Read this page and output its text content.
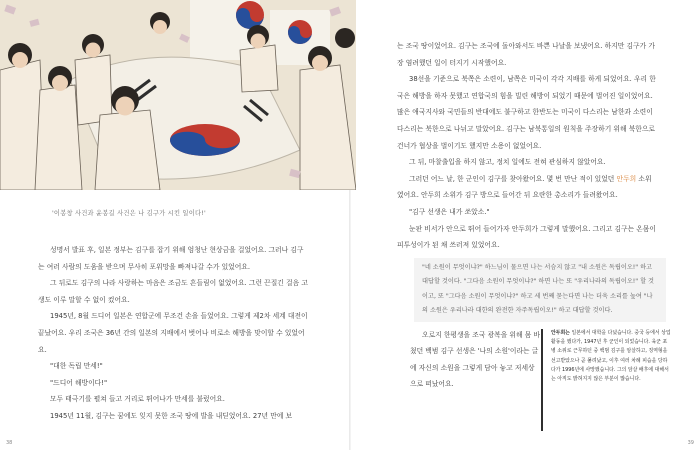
'이봉창 사건과 윤봉길 사건은 나 김구가 시킨 일이다!'

성명서 발표 후, 일본 정부는 김구를 잡기 위해 엄청난 현상금을 걸었어요. 그러나 김구는 여러 사람의 도움을 받으며 무사히 포위망을 빠져나갈 수가 있었어요.

그 뒤로도 김구의 나라 사랑하는 마음은 조금도 흔들림이 없었어요. 그런 끈질긴 걸음 고생도 이루 말할 수 없이 컸어요.

1945년, 8월 드디어 일본은 연합군에 무조건 손을 들었어요. 그렇게 제2차 세계 대전이 끝났어요. 우리 조국은 36년 간의 일본의 지배에서 벗어나 비로소 해방을 맞이할 수 있었어요.

"대한 독립 만세!"

"드디어 해방이다!"

모두 태극기를 펼쳐 들고 거리로 뛰어나가 만세를 불렀어요.

1945년 11월, 김구는 꿈에도 잊지 못한 조국 땅에 발을 내딛었어요. 27년 만에 보

는 조국 땅이었어요. 김구는 조국에 돌아와서도 바쁜 나날을 보냈어요. 하지만 김구가 가장 염려했던 일이 터지기 시작했어요.

38선을 기준으로 북쪽은 소련이, 남쪽은 미국이 각각 지배를 하게 되었어요. 우리 한국은 해방을 하자 못했고 연합국의 힘을 빌린 해방이 되었기 때문에 벌어진 일이었어요. 많은 애국지사와 국민들의 반대에도 불구하고 한반도는 미국이 다스리는 남한과 소련이 다스리는 북한으로 나뉘고 말았어요. 김구는 남북통일의 원칙을 주장하기 위해 북한으로 건너가 협상을 벌이기도 했지만 소용이 없었어요.

그 뒤, 마찰출입을 하지 않고, 정치 일에도 전혀 관심하지 않았어요.

그러던 어느 날, 한 군인이 김구를 찾아왔어요. 몇 번 만난 적이 있었던 안두희 소위였어요. 안두희 소위가 김구 방으로 들어간 뒤 요란한 총소리가 들려왔어요.

"김구 선생은 내가 쏘았소."

눈판 비서가 안으로 뛰어 들어가자 안두희가 그렇게 말했어요. 그리고 김구는 온몸이 피투성이가 된 채 쓰러져 있었어요.

"네 소원이 무엇이냐?" 하느님이 물으면 나는 서슴지 않고 "내 소원은 독립이오!" 하고 대답할 것이다. "그다음 소원이 무엇이냐?" 하면 나는 또 "우리나라의 독립이오!" 할 것이고, 또 "그다음 소원이 무엇이냐?" 하고 세 번째 묻는다면 나는 더욱 소리를 높여 "나의 소원은 우리나라 대한의 완전한 자주독립이오!" 하고 대답할 것이다.

오로지 한평생을 조국 광복을 위해 몸 바쳤던 백범 김구 선생은 '나의 소원'이라는 글에 자신의 소원을 그렇게 담아 놓고 저세상으로 떠났어요.

안두희는 일본에서 대학을 다녔습니다. 중국 등에서 상업 활동을 했다가, 1947년 후 군인이 되었습니다. 육군 포병 소위로 근무하던 중 백범 김구를 암살하고, 징역형을 선고받았으나 곧 풀려났고, 이후 여러 차례 피습을 당하다가 1996년에 사망했습니다. 그의 암살 배후에 대해서는 아직도 밝혀지지 않은 부분이 많습니다.
38	39
